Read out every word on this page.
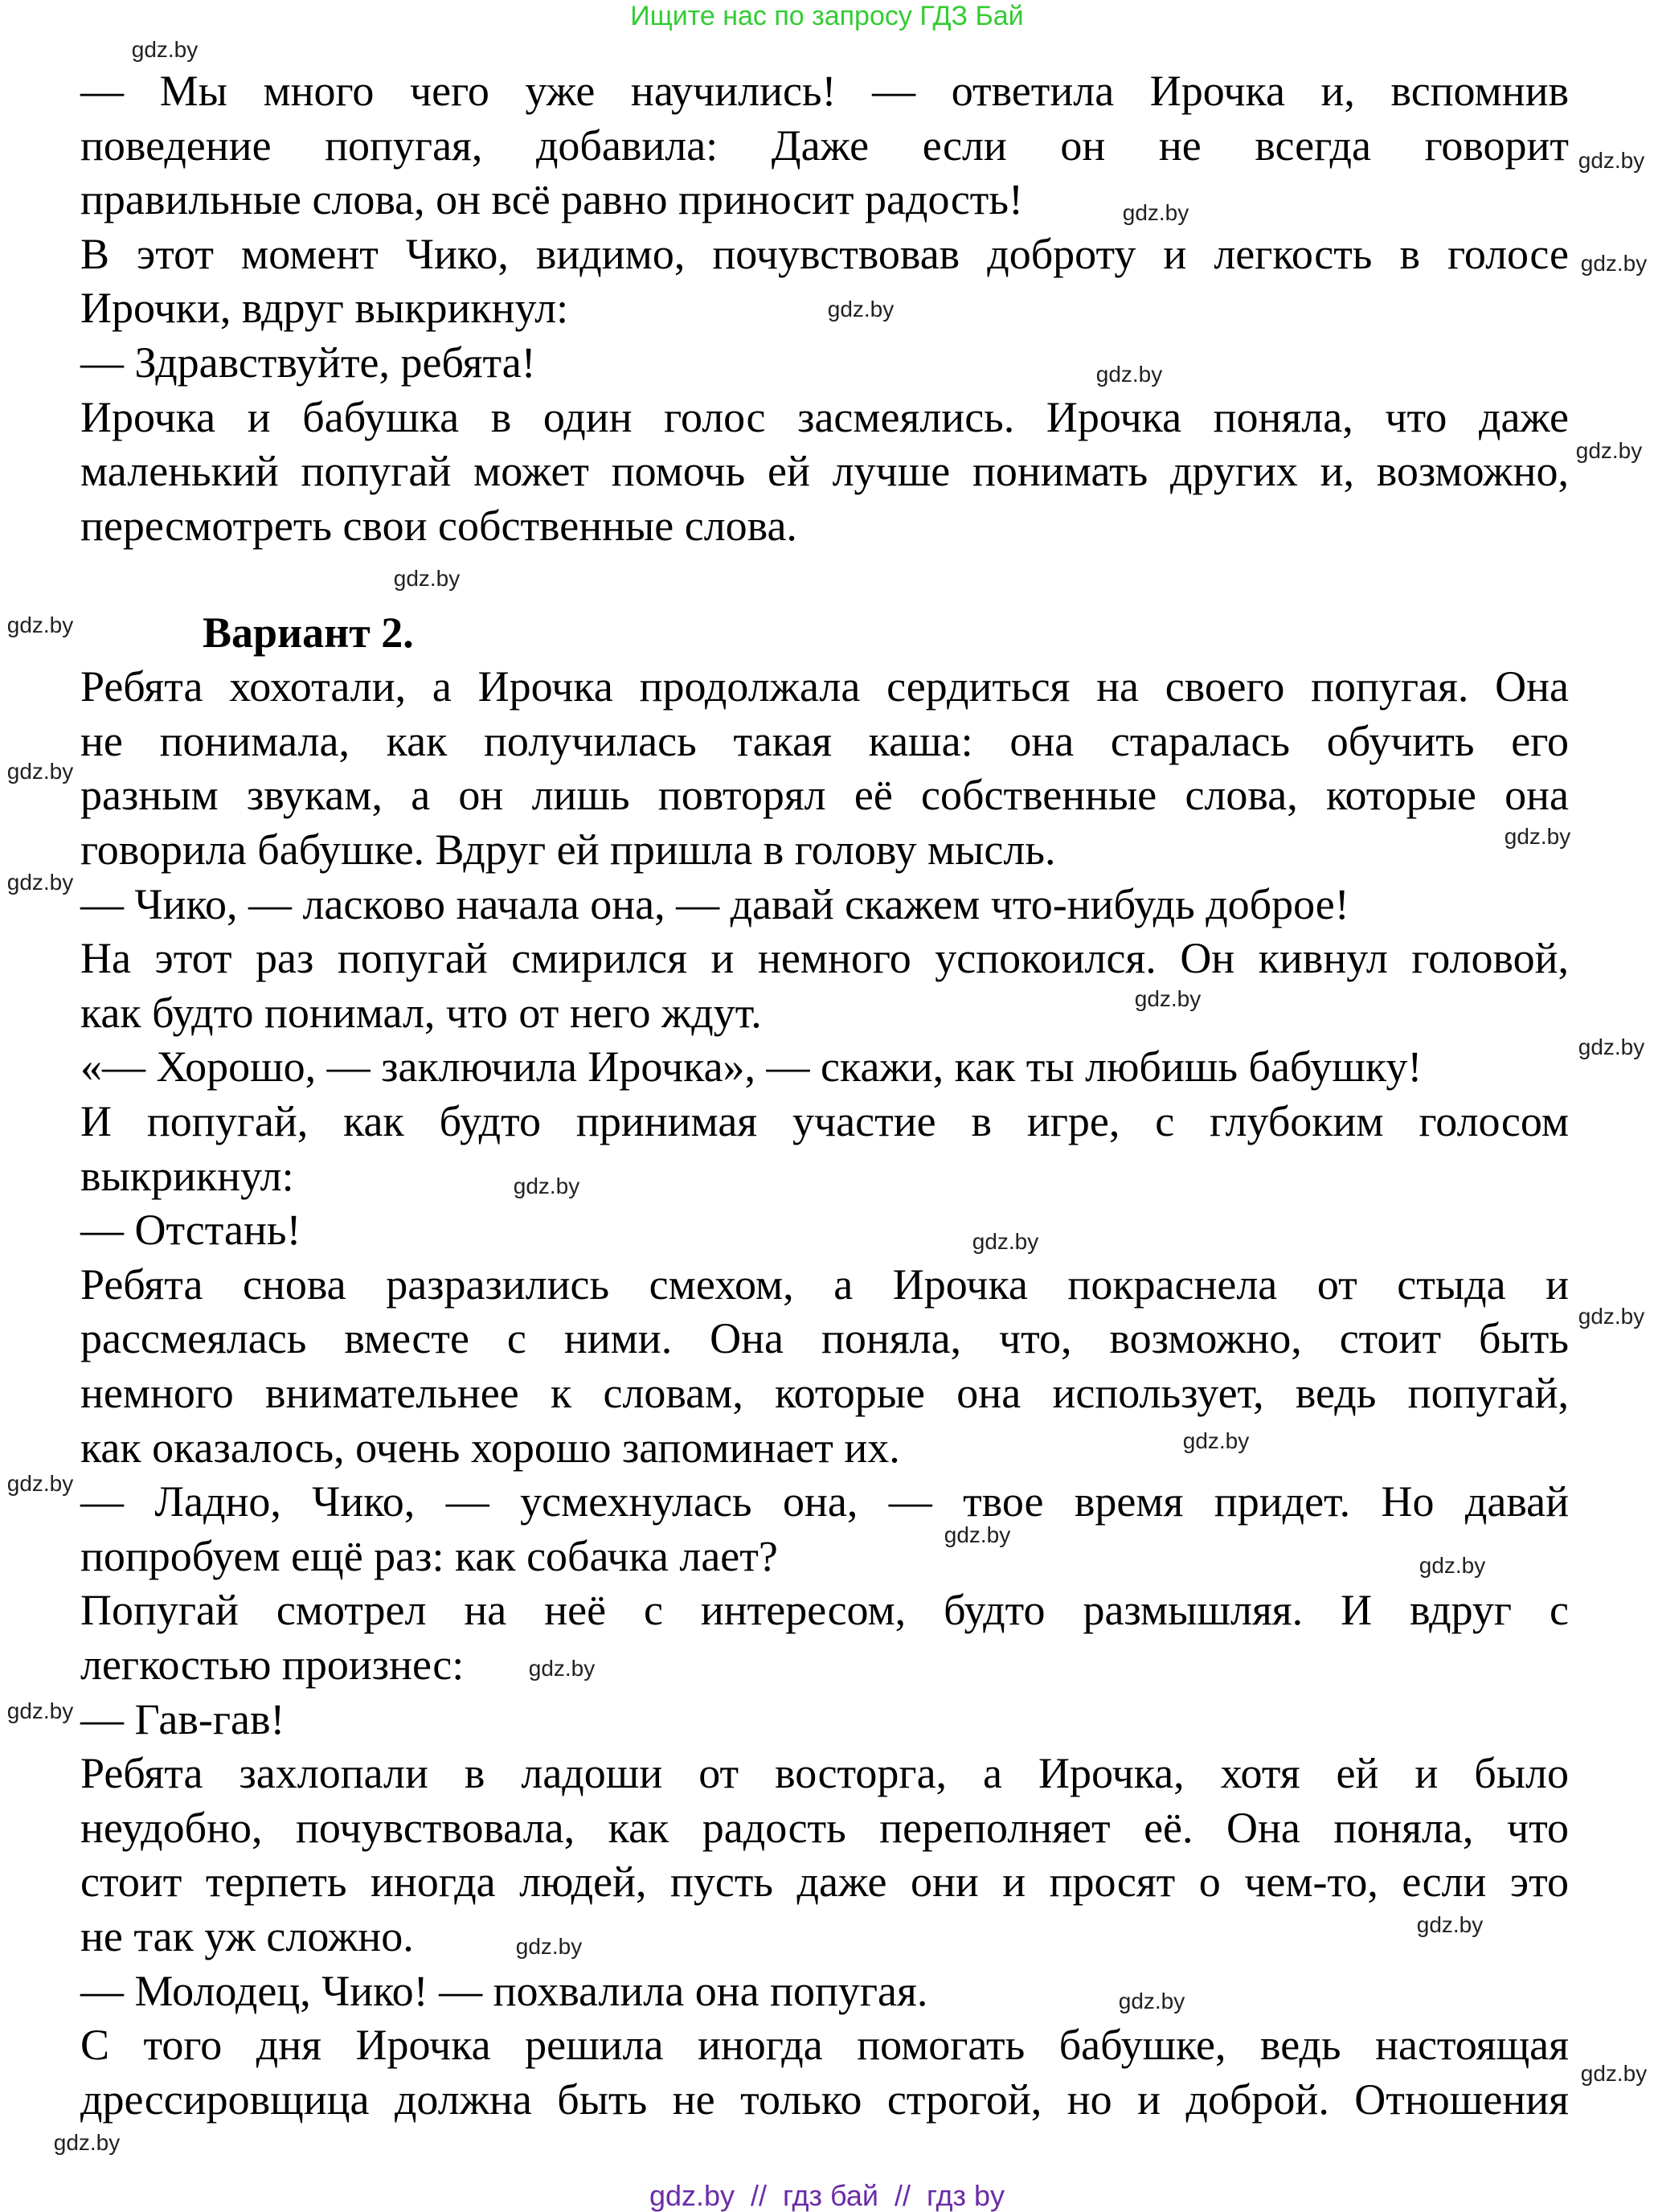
Ищите нас по запросу ГДЗ Бай
— Мы много чего уже научились! — ответила Ирочка и, вспомнив
поведение попугая, добавила: Даже если он не всегда говорит
правильные слова, он всё равно приносит радость!
В этот момент Чико, видимо, почувствовав доброту и легкость в голосе
Ирочки, вдруг выкрикнул:
— Здравствуйте, ребята!
Ирочка и бабушка в один голос засмеялись. Ирочка поняла, что даже
маленький попугай может помочь ей лучше понимать других и, возможно,
пересмотреть свои собственные слова.
Вариант 2.
Ребята хохотали, а Ирочка продолжала сердиться на своего попугая. Она
не понимала, как получилась такая каша: она старалась обучить его
разным звукам, а он лишь повторял её собственные слова, которые она
говорила бабушке. Вдруг ей пришла в голову мысль.
— Чико, — ласково начала она, — давай скажем что-нибудь доброе!
На этот раз попугай смирился и немного успокоился. Он кивнул головой,
как будто понимал, что от него ждут.
«— Хорошо, — заключила Ирочка», — скажи, как ты любишь бабушку!
И попугай, как будто принимая участие в игре, с глубоким голосом
выкрикнул:
— Отстань!
Ребята снова разразились смехом, а Ирочка покраснела от стыда и
рассмеялась вместе с ними. Она поняла, что, возможно, стоит быть
немного внимательнее к словам, которые она использует, ведь попугай,
как оказалось, очень хорошо запоминает их.
— Ладно, Чико, — усмехнулась она, — твое время придет. Но давай
попробуем ещё раз: как собачка лает?
Попугай смотрел на неё с интересом, будто размышляя. И вдруг с
легкостью произнес:
— Гав-гав!
Ребята захлопали в ладоши от восторга, а Ирочка, хотя ей и было
неудобно, почувствовала, как радость переполняет её. Она поняла, что
стоит терпеть иногда людей, пусть даже они и просят о чем-то, если это
не так уж сложно.
— Молодец, Чико! — похвалила она попугая.
С того дня Ирочка решила иногда помогать бабушке, ведь настоящая
дрессировщица должна быть не только строгой, но и доброй. Отношения
gdz.by
gdz.by
gdz.by
gdz.by
gdz.by
gdz.by
gdz.by
gdz.by
gdz.by
gdz.by
gdz.by
gdz.by
gdz.by
gdz.by
gdz.by
gdz.by
gdz.by
gdz.by
gdz.by
gdz.by
gdz.by
gdz.by
gdz.by
gdz.by
gdz.by
gdz.by
gdz.by
gdz.by
gdz.by  //  гдз бай  //  гдз by
